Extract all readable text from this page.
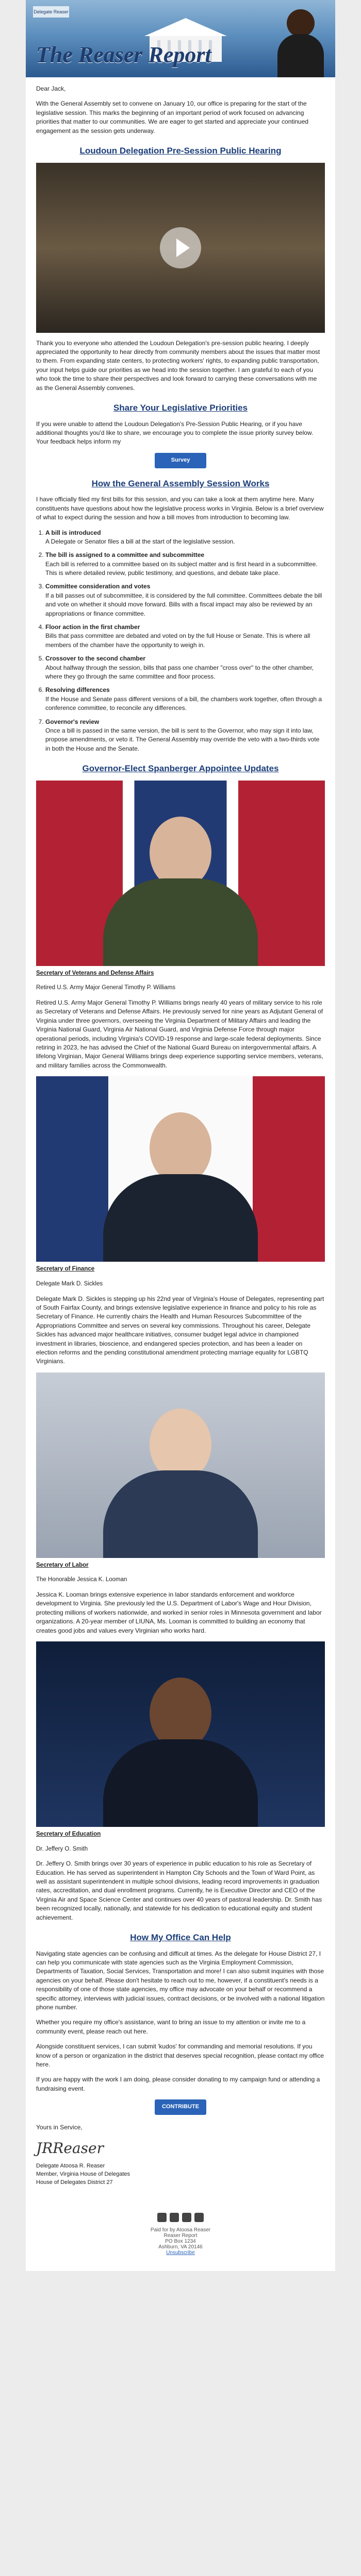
Delegate Reaser
The Reaser Report

Dear Jack,

With the General Assembly set to convene on January 10, our office is preparing for the start of the legislative session. This marks the beginning of an important period of work focused on advancing priorities that matter to our communities. We are eager to get started and appreciate your continued engagement as the session gets underway.

Loudoun Delegation Pre-Session Public Hearing

Thank you to everyone who attended the Loudoun Delegation's pre-session public hearing. I deeply appreciated the opportunity to hear directly from community members about the issues that matter most to them. From expanding state centers, to protecting workers' rights, to expanding public transportation, your input helps guide our priorities as we head into the session together. I am grateful to each of you who took the time to share their perspectives and look forward to carrying these conversations with me as the General Assembly convenes.

Share Your Legislative Priorities

If you were unable to attend the Loudoun Delegation's Pre-Session Public Hearing, or if you have additional thoughts you'd like to share, we encourage you to complete the issue priority survey below. Your feedback helps inform my

Survey
How the General Assembly Session Works

I have officially filed my first bills for this session, and you can take a look at them anytime here. Many constituents have questions about how the legislative process works in Virginia. Below is a brief overview of what to expect during the session and how a bill moves from introduction to becoming law.

1. A bill is introduced
A Delegate or Senator files a bill at the start of the legislative session.
2. The bill is assigned to a committee and subcommittee
Each bill is referred to a committee based on its subject matter and is first heard in a subcommittee. This is where detailed review, public testimony, and questions, and debate take place.
3. Committee consideration and votes
If a bill passes out of subcommittee, it is considered by the full committee. Committees debate the bill and vote on whether it should move forward. Bills with a fiscal impact may also be reviewed by an appropriations or finance committee.
4. Floor action in the first chamber
Bills that pass committee are debated and voted on by the full House or Senate. This is where all members of the chamber have the opportunity to weigh in.
5. Crossover to the second chamber
About halfway through the session, bills that pass one chamber "cross over" to the other chamber, where they go through the same committee and floor process.
6. Resolving differences
If the House and Senate pass different versions of a bill, the chambers work together, often through a conference committee, to reconcile any differences.
7. Governor's review
Once a bill is passed in the same version, the bill is sent to the Governor, who may sign it into law, propose amendments, or veto it. The General Assembly may override the veto with a two-thirds vote in both the House and the Senate.
Governor-Elect Spanberger Appointee Updates

Secretary of Veterans and Defense Affairs

Retired U.S. Army Major General Timothy P. Williams

Retired U.S. Army Major General Timothy P. Williams brings nearly 40 years of military service to his role as Secretary of Veterans and Defense Affairs. He previously served for nine years as Adjutant General of Virginia under three governors, overseeing the Virginia Department of Military Affairs and leading the Virginia National Guard, Virginia Air National Guard, and Virginia Defense Force through major operational periods, including Virginia's COVID-19 response and large-scale federal deployments. Since retiring in 2023, he has advised the Chief of the National Guard Bureau on intergovernmental affairs. A lifelong Virginian, Major General Williams brings deep experience supporting service members, veterans, and military families across the Commonwealth.

Secretary of Finance

Delegate Mark D. Sickles

Delegate Mark D. Sickles is stepping up his 22nd year of Virginia's House of Delegates, representing part of South Fairfax County, and brings extensive legislative experience in finance and policy to his role as Secretary of Finance. He currently chairs the Health and Human Resources Subcommittee of the Appropriations Committee and serves on several key commissions. Throughout his career, Delegate Sickles has advanced major healthcare initiatives, consumer budget legal advice in championed investment in libraries, bioscience, and endangered species protection, and has been a leader on election reforms and the pending constitutional amendment protecting marriage equality for LGBTQ Virginians.

Secretary of Labor

The Honorable Jessica K. Looman

Jessica K. Looman brings extensive experience in labor standards enforcement and workforce development to Virginia. She previously led the U.S. Department of Labor's Wage and Hour Division, protecting millions of workers nationwide, and worked in senior roles in Minnesota government and labor organizations. A 20-year member of LIUNA, Ms. Looman is committed to building an economy that creates good jobs and values every Virginian who works hard.

Secretary of Education

Dr. Jeffery O. Smith

Dr. Jeffery O. Smith brings over 30 years of experience in public education to his role as Secretary of Education. He has served as superintendent in Hampton City Schools and the Town of Ward Point, as well as assistant superintendent in multiple school divisions, leading record improvements in graduation rates, accreditation, and dual enrollment programs. Currently, he is Executive Director and CEO of the Virginia Air and Space Science Center and continues over 40 years of pastoral leadership. Dr. Smith has been recognized locally, nationally, and statewide for his dedication to educational equity and student achievement.

How My Office Can Help

Navigating state agencies can be confusing and difficult at times. As the delegate for House District 27, I can help you communicate with state agencies such as the Virginia Employment Commission, Departments of Taxation, Social Services, Transportation and more! I can also submit inquiries with those agencies on your behalf. Please don't hesitate to reach out to me, however, if a constituent's needs is a responsibility of one of those state agencies, my office may advocate on your behalf or recommend a specific attorney, interviews with judicial issues, contract decisions, or be involved with a national litigation phone number.

Whether you require my office's assistance, want to bring an issue to my attention or invite me to a community event, please reach out here.

Alongside constituent services, I can submit 'kudos' for commanding and memorial resolutions. If you know of a person or organization in the district that deserves special recognition, please contact my office here.

If you are happy with the work I am doing, please consider donating to my campaign fund or attending a fundraising event.

CONTRIBUTE

Yours in Service,

JRReaser

Delegate Atoosa R. Reaser
Member, Virginia House of Delegates
House of Delegates District 27

Paid for by Atoosa Reaser
Reaser Report
PO Box 1234
Ashburn, VA 20146
Unsubscribe
